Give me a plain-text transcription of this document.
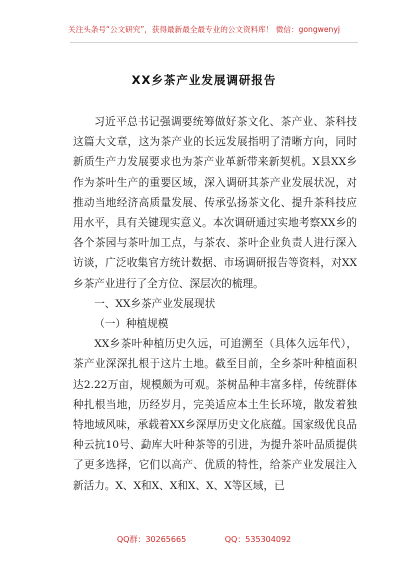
关注头条号“公文研究”，获得最新最全最专业的公文资料库！ 微信：gongwenyj
XX乡茶产业发展调研报告

习近平总书记强调要统筹做好茶文化、茶产业、茶科技这篇大文章，这为茶产业的长远发展指明了清晰方向，同时新质生产力发展要求也为茶产业革新带来新契机。X县XX乡作为茶叶生产的重要区域，深入调研其茶产业发展状况，对推动当地经济高质量发展、传承弘扬茶文化、提升茶科技应用水平，具有关键现实意义。本次调研通过实地考察XX乡的各个茶园与茶叶加工点，与茶农、茶叶企业负责人进行深入访谈，广泛收集官方统计数据、市场调研报告等资料，对XX乡茶产业进行了全方位、深层次的梳理。

一、XX乡茶产业发展现状
（一）种植规模

XX乡茶叶种植历史久远，可追溯至（具体久远年代），茶产业深深扎根于这片土地。截至目前，全乡茶叶种植面积达2.22万亩，规模颇为可观。茶树品种丰富多样，传统群体种扎根当地，历经岁月，完美适应本土生长环境，散发着独特地域风味，承载着XX乡深厚历史文化底蕴。国家级优良品种云抗10号、勐库大叶种茶等的引进，为提升茶叶品质提供了更多选择，它们以高产、优质的特性，给茶产业发展注入新活力。X、X和X、X和X、X、X等区域，已

QQ群：30265665	QQ：535304092
